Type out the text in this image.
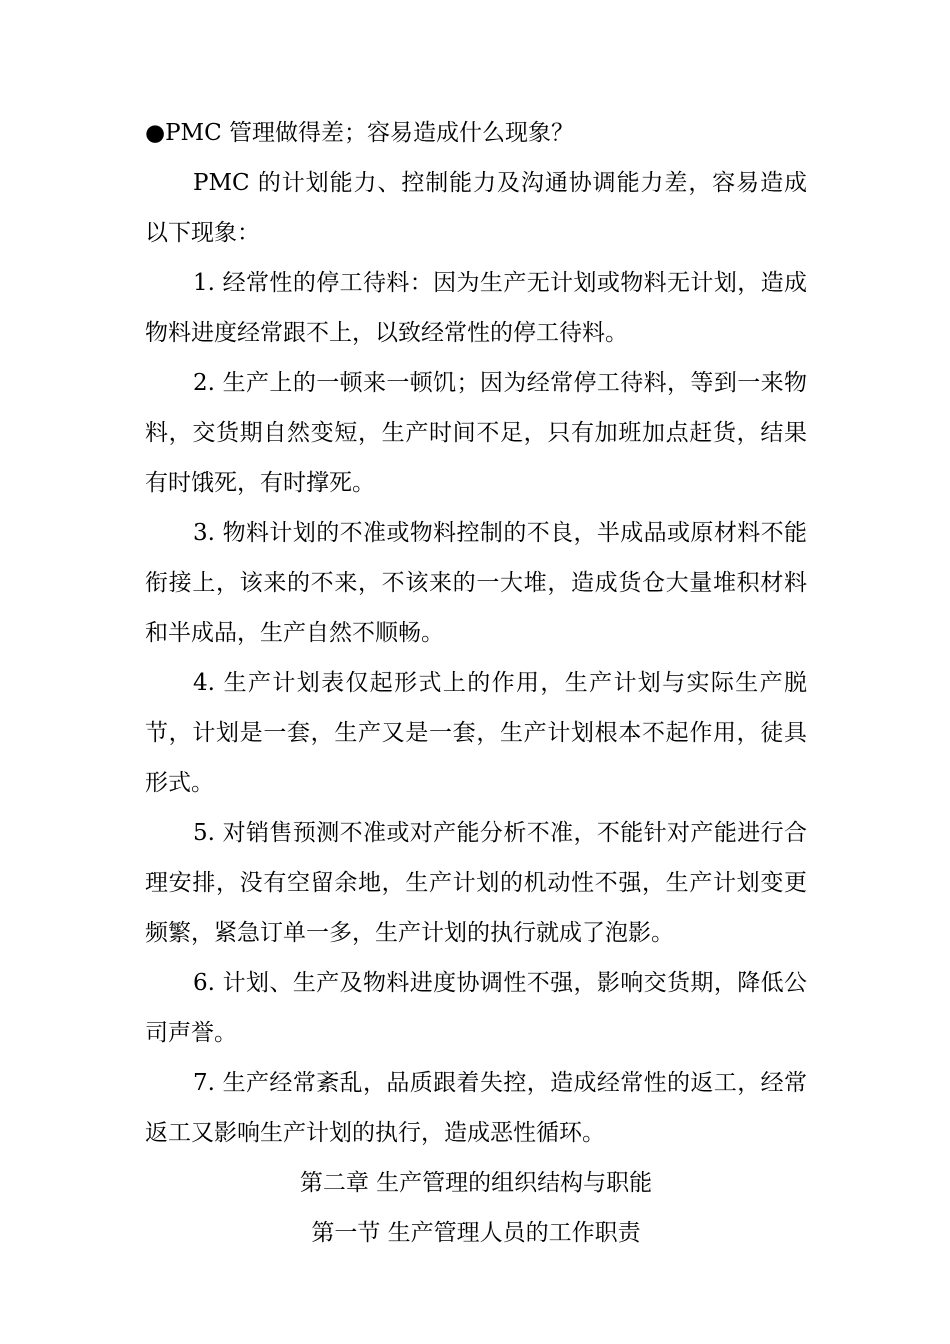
●PMC 管理做得差；容易造成什么现象？

PMC 的计划能力、控制能力及沟通协调能力差，容易造成以下现象：

1. 经常性的停工待料：因为生产无计划或物料无计划，造成物料进度经常跟不上，以致经常性的停工待料。

2. 生产上的一顿来一顿饥；因为经常停工待料，等到一来物料，交货期自然变短，生产时间不足，只有加班加点赶货，结果有时饿死，有时撑死。

3. 物料计划的不准或物料控制的不良，半成品或原材料不能衔接上，该来的不来，不该来的一大堆，造成货仓大量堆积材料和半成品，生产自然不顺畅。

4. 生产计划表仅起形式上的作用，生产计划与实际生产脱节，计划是一套，生产又是一套，生产计划根本不起作用，徒具形式。

5. 对销售预测不准或对产能分析不准，不能针对产能进行合理安排，没有空留余地，生产计划的机动性不强，生产计划变更频繁，紧急订单一多，生产计划的执行就成了泡影。

6. 计划、生产及物料进度协调性不强，影响交货期，降低公司声誉。

7. 生产经常紊乱，品质跟着失控，造成经常性的返工，经常返工又影响生产计划的执行，造成恶性循环。

第二章 生产管理的组织结构与职能

第一节 生产管理人员的工作职责
